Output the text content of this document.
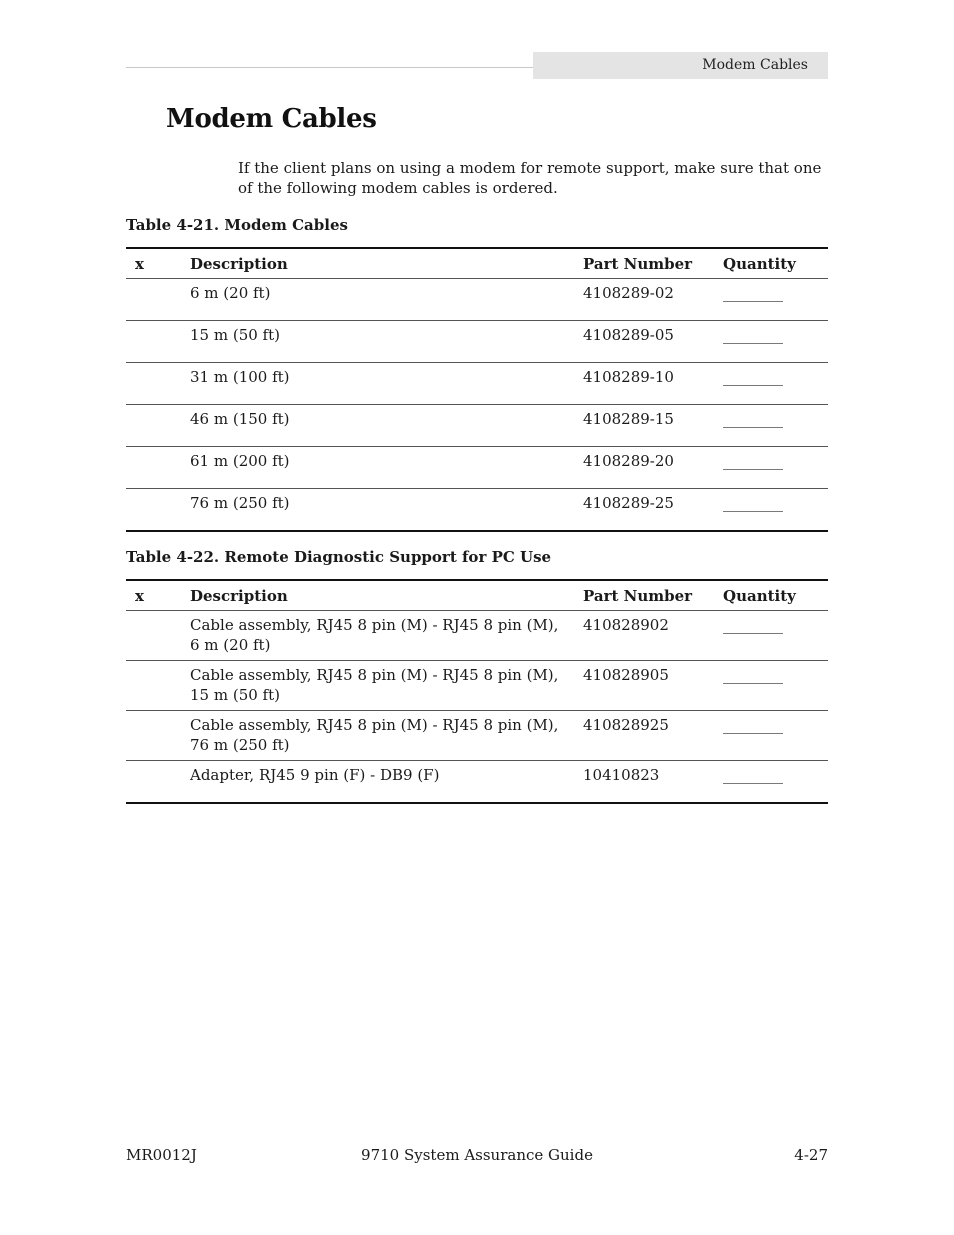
Modem Cables
Modem Cables

If the client plans on using a modem for remote support, make sure that one of the following modem cables is ordered.

Table 4-21. Modem Cables

x	Description	Part Number	Quantity
	6 m (20 ft)	4108289-02	________
	15 m (50 ft)	4108289-05	________
	31 m (100 ft)	4108289-10	________
	46 m (150 ft)	4108289-15	________
	61 m (200 ft)	4108289-20	________
	76 m (250 ft)	4108289-25	________

Table 4-22. Remote Diagnostic Support for PC Use

x	Description	Part Number	Quantity

	Cable assembly, RJ45 8 pin (M) - RJ45 8 pin (M),
6 m (20 ft)	410828902	________

	Cable assembly, RJ45 8 pin (M) - RJ45 8 pin (M),
15 m (50 ft)	410828905	________

	Cable assembly, RJ45 8 pin (M) - RJ45 8 pin (M),
76 m (250 ft)	410828925	________

	Adapter, RJ45 9 pin (F) - DB9 (F)	10410823	________

MR0012J	9710 System Assurance Guide	4-27
